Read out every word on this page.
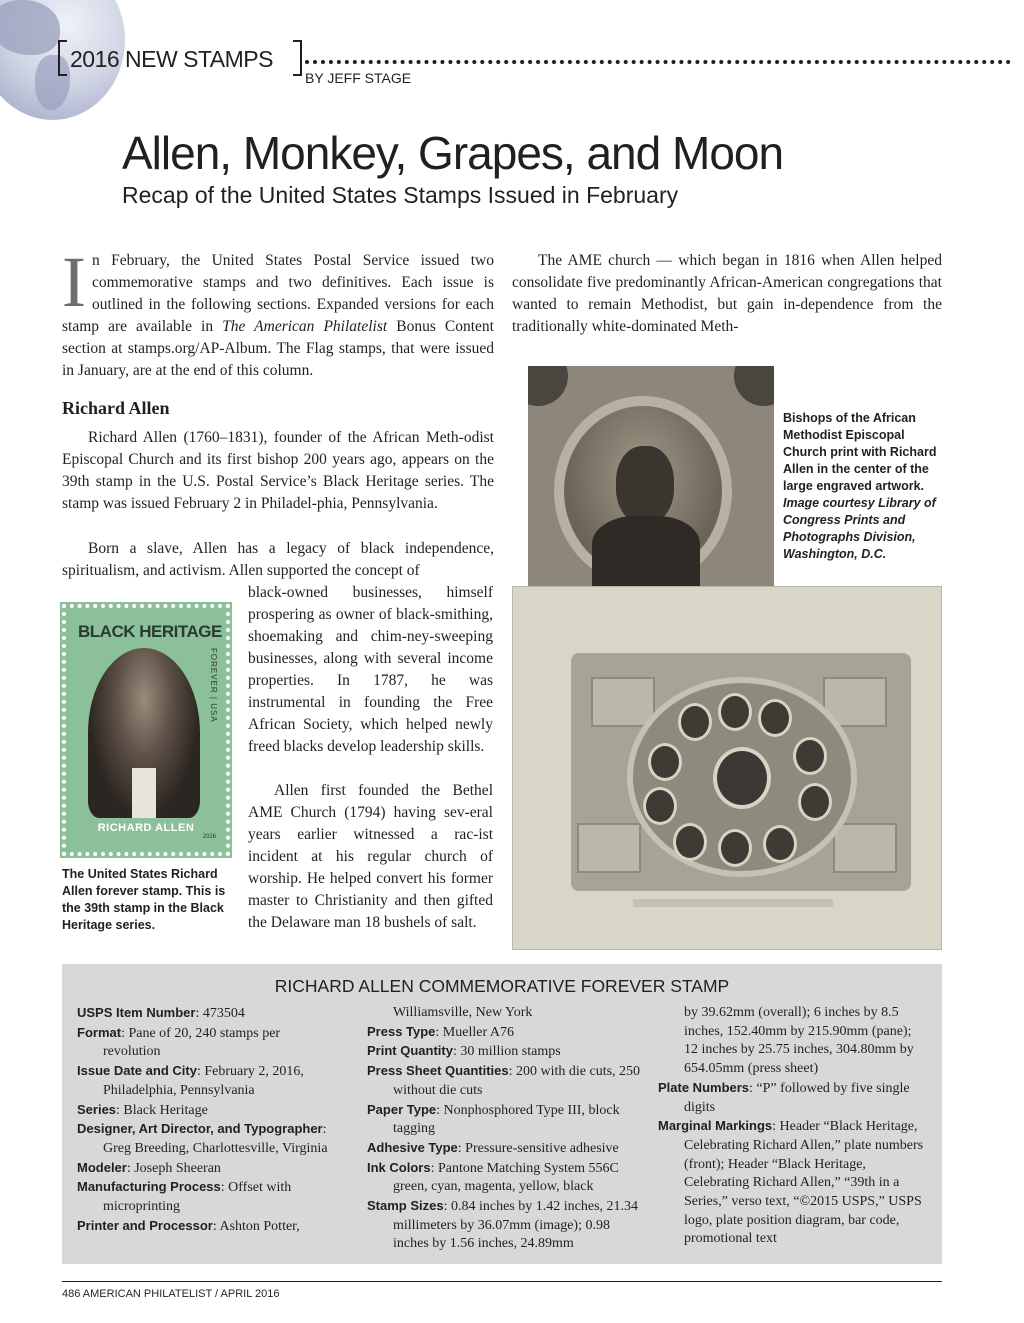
2016 NEW STAMPS
BY JEFF STAGE
Allen, Monkey, Grapes, and Moon
Recap of the United States Stamps Issued in February
In February, the United States Postal Service issued two commemorative stamps and two definitives. Each issue is outlined in the following sections. Expanded versions for each stamp are available in The American Philatelist Bonus Content section at stamps.org/AP-Album. The Flag stamps, that were issued in January, are at the end of this column.
The AME church — which began in 1816 when Allen helped consolidate five predominantly African-American congregations that wanted to remain Methodist, but gain in-dependence from the traditionally white-dominated Meth-
Richard Allen
Richard Allen (1760–1831), founder of the African Meth-odist Episcopal Church and its first bishop 200 years ago, appears on the 39th stamp in the U.S. Postal Service’s Black Heritage series. The stamp was issued February 2 in Philadel-phia, Pennsylvania.
Born a slave, Allen has a legacy of black independence, spiritualism, and activism. Allen supported the concept of
black-owned businesses, himself prospering as owner of black-smithing, shoemaking and chim-ney-sweeping businesses, along with several income properties. In 1787, he was instrumental in founding the Free African Society, which helped newly freed blacks develop leadership skills.
Allen first founded the Bethel AME Church (1794) having sev-eral years earlier witnessed a rac-ist incident at his regular church of worship. He helped convert his former master to Christianity and then gifted the Delaware man 18 bushels of salt.
BLACK HERITAGE
FOREVER | USA
RICHARD ALLEN
2016
The United States Richard Allen forever stamp. This is the 39th stamp in the Black Heritage series.
Bishops of the African Methodist Episcopal Church print with Richard Allen in the center of the large engraved artwork. Image courtesy Library of Congress Prints and Photographs Division, Washington, D.C.
RICHARD ALLEN COMMEMORATIVE FOREVER STAMP
USPS Item Number: 473504
Format: Pane of 20, 240 stamps per revolution
Issue Date and City: February 2, 2016, Philadelphia, Pennsylvania
Series: Black Heritage
Designer, Art Director, and Typographer: Greg Breeding, Charlottesville, Virginia
Modeler: Joseph Sheeran
Manufacturing Process: Offset with microprinting
Printer and Processor: Ashton Potter,
Williamsville, New York
Press Type: Mueller A76
Print Quantity: 30 million stamps
Press Sheet Quantities: 200 with die cuts, 250 without die cuts
Paper Type: Nonphosphored Type III, block tagging
Adhesive Type: Pressure-sensitive adhesive
Ink Colors: Pantone Matching System 556C green, cyan, magenta, yellow, black
Stamp Sizes: 0.84 inches by 1.42 inches, 21.34 millimeters by 36.07mm (image); 0.98 inches by 1.56 inches, 24.89mm
by 39.62mm (overall); 6 inches by 8.5 inches, 152.40mm by 215.90mm (pane); 12 inches by 25.75 inches, 304.80mm by 654.05mm (press sheet)
Plate Numbers: “P” followed by five single digits
Marginal Markings: Header “Black Heritage, Celebrating Richard Allen,” plate numbers (front); Header “Black Heritage, Celebrating Richard Allen,” “39th in a Series,” verso text, “©2015 USPS,” USPS logo, plate position diagram, bar code, promotional text
486 AMERICAN PHILATELIST / APRIL 2016
